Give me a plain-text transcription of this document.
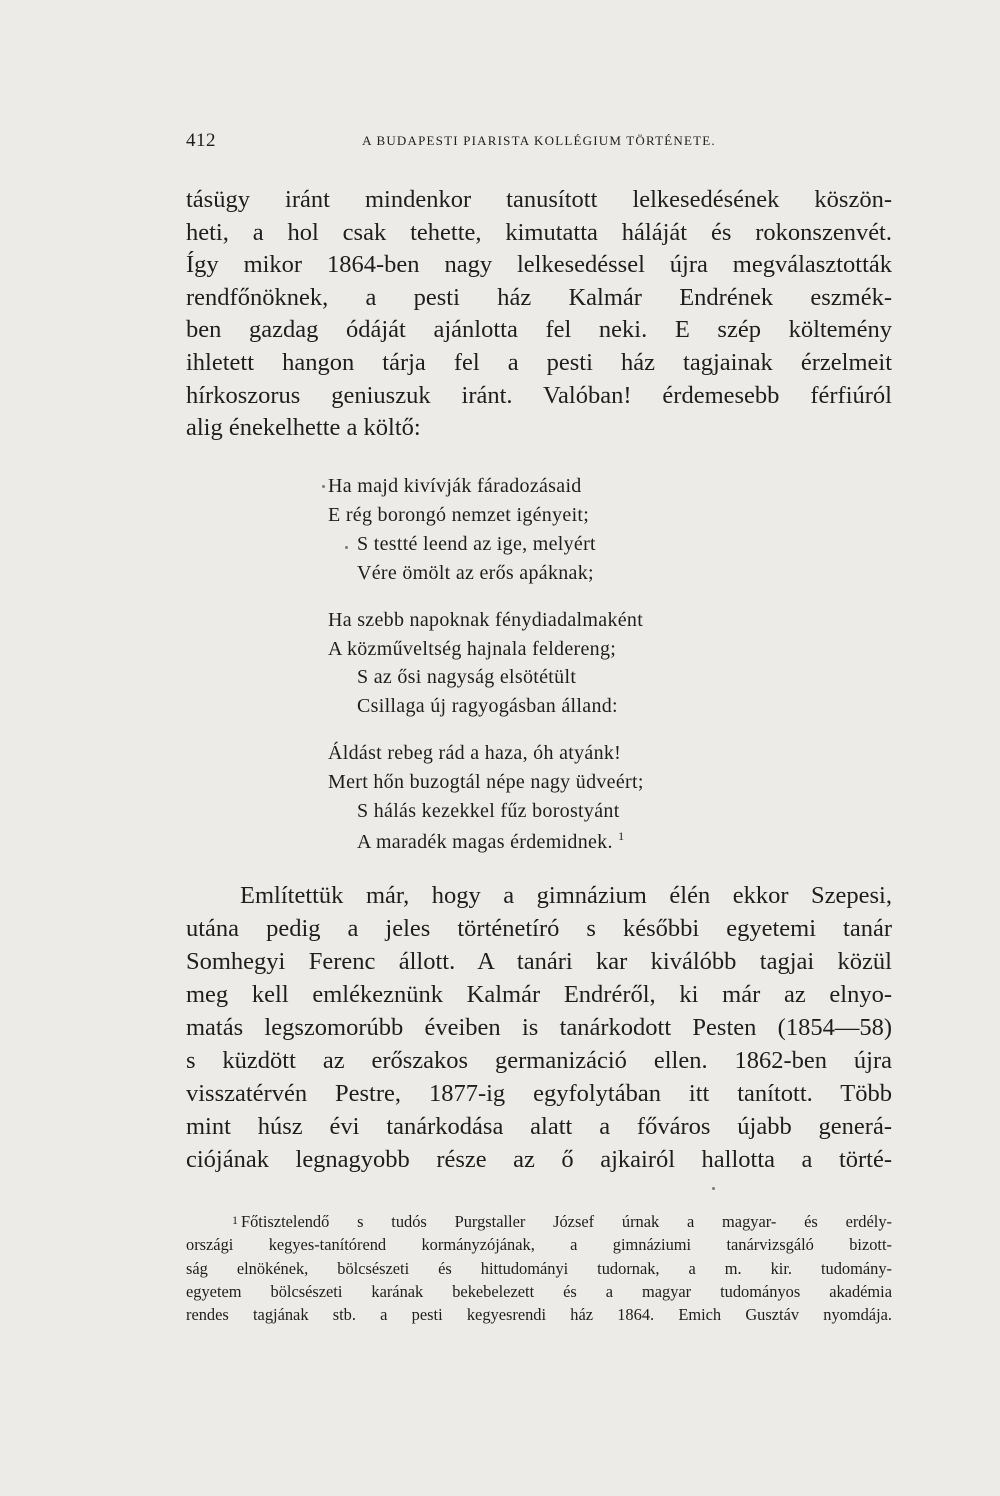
412	A BUDAPESTI PIARISTA KOLLÉGIUM TÖRTÉNETE.
tásügy iránt mindenkor tanusított lelkesedésének köszön-
heti, a hol csak tehette, kimutatta háláját és rokonszenvét.
Így mikor 1864-ben nagy lelkesedéssel újra megválasztották
rendfőnöknek, a pesti ház Kalmár Endrének eszmék-
ben gazdag ódáját ajánlotta fel neki. E szép költemény
ihletett hangon tárja fel a pesti ház tagjainak érzelmeit
hírkoszorus geniuszuk iránt. Valóban! érdemesebb férfiúról
alig énekelhette a költő:
Ha majd kivívják fáradozásaid
E rég borongó nemzet igényeit;
S testté leend az ige, melyért
Vére ömölt az erős apáknak;
Ha szebb napoknak fénydiadalmaként
A közműveltség hajnala feldereng;
S az ősi nagyság elsötétült
Csillaga új ragyogásban álland:
Áldást rebeg rád a haza, óh atyánk!
Mert hőn buzogtál népe nagy üdveért;
S hálás kezekkel fűz borostyánt
A maradék magas érdemidnek. $^1$
Említettük már, hogy a gimnázium élén ekkor Szepesi,
utána pedig a jeles történetíró s későbbi egyetemi tanár
Somhegyi Ferenc állott. A tanári kar kiválóbb tagjai közül
meg kell emlékeznünk Kalmár Endréről, ki már az elnyo-
matás legszomorúbb éveiben is tanárkodott Pesten (1854—58)
s küzdött az erőszakos germanizáció ellen. 1862-ben újra
visszatérvén Pestre, 1877-ig egyfolytában itt tanított. Több
mint húsz évi tanárkodása alatt a főváros újabb generá-
ciójának legnagyobb része az ő ajkairól hallotta a törté-
1 Főtisztelendő s tudós Purgstaller József úrnak a magyar- és erdély-
országi kegyes-tanítórend kormányzójának, a gimnáziumi tanárvizsgáló bizott-
ság elnökének, bölcsészeti és hittudományi tudornak, a m. kir. tudomány-
egyetem bölcsészeti karának bekebelezett és a magyar tudományos akadémia
rendes tagjának stb. a pesti kegyesrendi ház 1864. Emich Gusztáv nyomdája.
